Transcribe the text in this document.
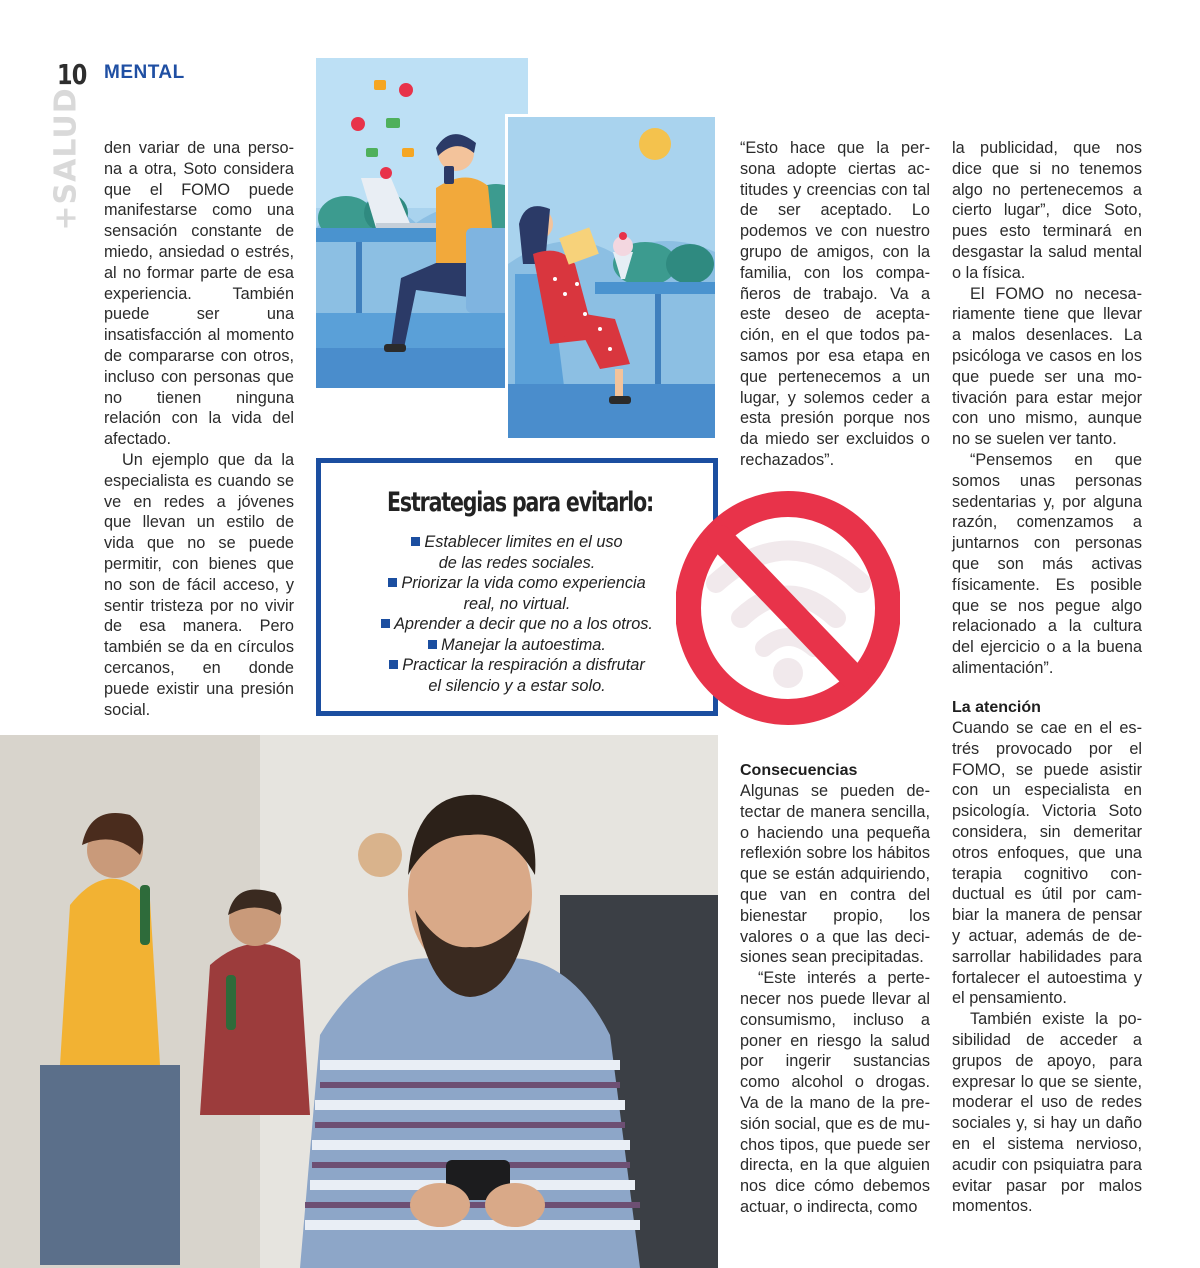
10 MENTAL
+SALUD den variar de una persona a otra, Soto considera que el FOMO puede manifestarse como una sensación constante de miedo, ansiedad o estrés, al no formar parte de esa experiencia. También puede ser una insatisfacción al momento de compararse con otros, incluso con personas que no tienen ninguna relación con la vida del afectado.

Un ejemplo que da la especialista es cuando se ve en redes a jóvenes que llevan un estilo de vida que no se puede permitir, con bienes que no son de fácil acceso, y sentir tristeza por no vivir de esa manera. Pero también se da en círculos cercanos, en donde puede existir una presión social.

“Esto hace que la persona adopte ciertas actitudes y creencias con tal de ser aceptado. Lo podemos ve con nuestro grupo de amigos, con la familia, con los compañeros de trabajo. Va a este deseo de aceptación, en el que todos pasamos por esa etapa en que pertenecemos a un lugar, y solemos ceder a esta presión porque nos da miedo ser excluidos o rechazados”.

la publicidad, que nos dice que si no tenemos algo no pertenecemos a cierto lugar”, dice Soto, pues esto terminará en desgastar la salud mental o la física.

El FOMO no necesariamente tiene que llevar a malos desenlaces. La psicóloga ve casos en los que puede ser una motivación para estar mejor con uno mismo, aunque no se suelen ver tanto.

“Pensemos en que somos unas personas sedentarias y, por alguna razón, comenzamos a juntarnos con personas que son más activas físicamente. Es posible que se nos pegue algo relacionado a la cultura del ejercicio o a la buena alimentación”.

Estrategias para evitarlo:
Establecer limites en el uso
de las redes sociales.
Priorizar la vida como experiencia
real, no virtual.
Aprender a decir que no a los otros.
Manejar la autoestima.
Practicar la respiración a disfrutar
el silencio y a estar solo.
Consecuencias

Algunas se pueden detectar de manera sencilla, o haciendo una pequeña reflexión sobre los hábitos que se están adquiriendo, que van en contra del bienestar propio, los valores o a que las decisiones sean precipitadas.

“Este interés a pertenecer nos puede llevar al consumismo, incluso a poner en riesgo la salud por ingerir sustancias como alcohol o drogas. Va de la mano de la presión social, que es de muchos tipos, que puede ser directa, en la que alguien nos dice cómo debemos actuar, o indirecta, como

La atención

Cuando se cae en el estrés provocado por el FOMO, se puede asistir con un especialista en psicología. Victoria Soto considera, sin demeritar otros enfoques, que una terapia cognitivo conductual es útil por cambiar la manera de pensar y actuar, además de desarrollar habilidades para fortalecer el autoestima y el pensamiento.

También existe la posibilidad de acceder a grupos de apoyo, para expresar lo que se siente, moderar el uso de redes sociales y, si hay un daño en el sistema nervioso, acudir con psiquiatra para evitar pasar por malos momentos.
